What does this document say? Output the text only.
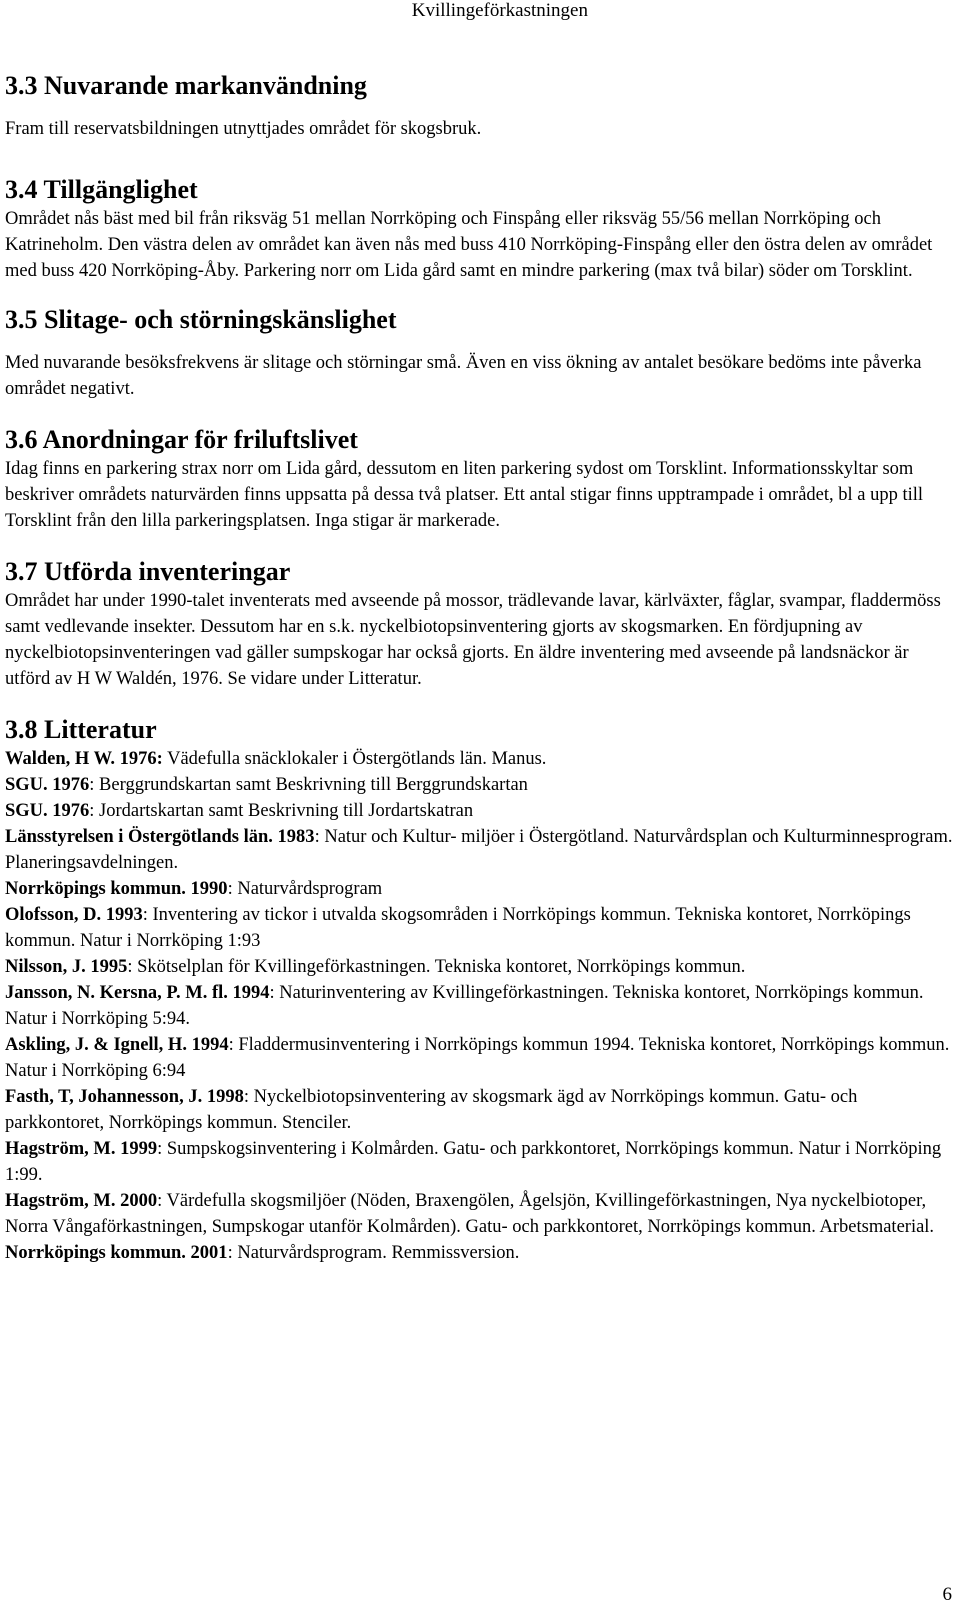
Kvillingeförkastningen
3.3 Nuvarande markanvändning

Fram till reservatsbildningen utnyttjades området för skogsbruk.

3.4 Tillgänglighet

Området nås bäst med bil från riksväg 51 mellan Norrköping och Finspång eller riksväg 55/56 mellan Norrköping och Katrineholm. Den västra delen av området kan även nås med buss 410 Norrköping-Finspång eller den östra delen av området med buss 420 Norrköping-Åby. Parkering norr om Lida gård samt en mindre parkering (max två bilar) söder om Torsklint.

3.5 Slitage- och störningskänslighet

Med nuvarande besöksfrekvens är slitage och störningar små. Även en viss ökning av antalet besökare bedöms inte påverka området negativt.

3.6 Anordningar för friluftslivet

Idag finns en parkering strax norr om Lida gård, dessutom en liten parkering sydost om Torsklint. Informationsskyltar som beskriver områdets naturvärden finns uppsatta på dessa två platser. Ett antal stigar finns upptrampade i området, bl a upp till Torsklint från den lilla parkeringsplatsen. Inga stigar är markerade.

3.7 Utförda inventeringar

Området har under 1990-talet inventerats med avseende på mossor, trädlevande lavar, kärlväxter, fåglar, svampar, fladdermöss samt vedlevande insekter. Dessutom har en s.k. nyckelbiotopsinventering gjorts av skogsmarken. En fördjupning av nyckelbiotopsinventeringen vad gäller sumpskogar har också gjorts. En äldre inventering med avseende på landsnäckor är utförd av H W Waldén, 1976. Se vidare under Litteratur.

3.8 Litteratur

Walden, H W. 1976: Vädefulla snäcklokaler i Östergötlands län. Manus.

SGU. 1976: Berggrundskartan samt Beskrivning till Berggrundskartan

SGU. 1976: Jordartskartan samt Beskrivning till Jordartskatran

Länsstyrelsen i Östergötlands län. 1983: Natur och Kultur- miljöer i Östergötland. Naturvårdsplan och Kulturminnesprogram. Planeringsavdelningen.

Norrköpings kommun. 1990: Naturvårdsprogram

Olofsson, D. 1993: Inventering av tickor i utvalda skogsområden i Norrköpings kommun. Tekniska kontoret, Norrköpings kommun. Natur i Norrköping 1:93

Nilsson, J. 1995: Skötselplan för Kvillingeförkastningen. Tekniska kontoret, Norrköpings kommun.

Jansson, N. Kersna, P. M. fl. 1994: Naturinventering av Kvillingeförkastningen. Tekniska kontoret, Norrköpings kommun. Natur i Norrköping 5:94.

Askling, J. & Ignell, H. 1994: Fladdermusinventering i Norrköpings kommun 1994. Tekniska kontoret, Norrköpings kommun. Natur i Norrköping 6:94

Fasth, T, Johannesson, J. 1998: Nyckelbiotopsinventering av skogsmark ägd av Norrköpings kommun. Gatu- och parkkontoret, Norrköpings kommun. Stenciler.

Hagström, M. 1999: Sumpskogsinventering i Kolmården. Gatu- och parkkontoret, Norrköpings kommun. Natur i Norrköping 1:99.

Hagström, M. 2000: Värdefulla skogsmiljöer (Nöden, Braxengölen, Ågelsjön, Kvillingeförkastningen, Nya nyckelbiotoper, Norra Vångaförkastningen, Sumpskogar utanför Kolmården). Gatu- och parkkontoret, Norrköpings kommun. Arbetsmaterial.

Norrköpings kommun. 2001: Naturvårdsprogram. Remmissversion.

6
